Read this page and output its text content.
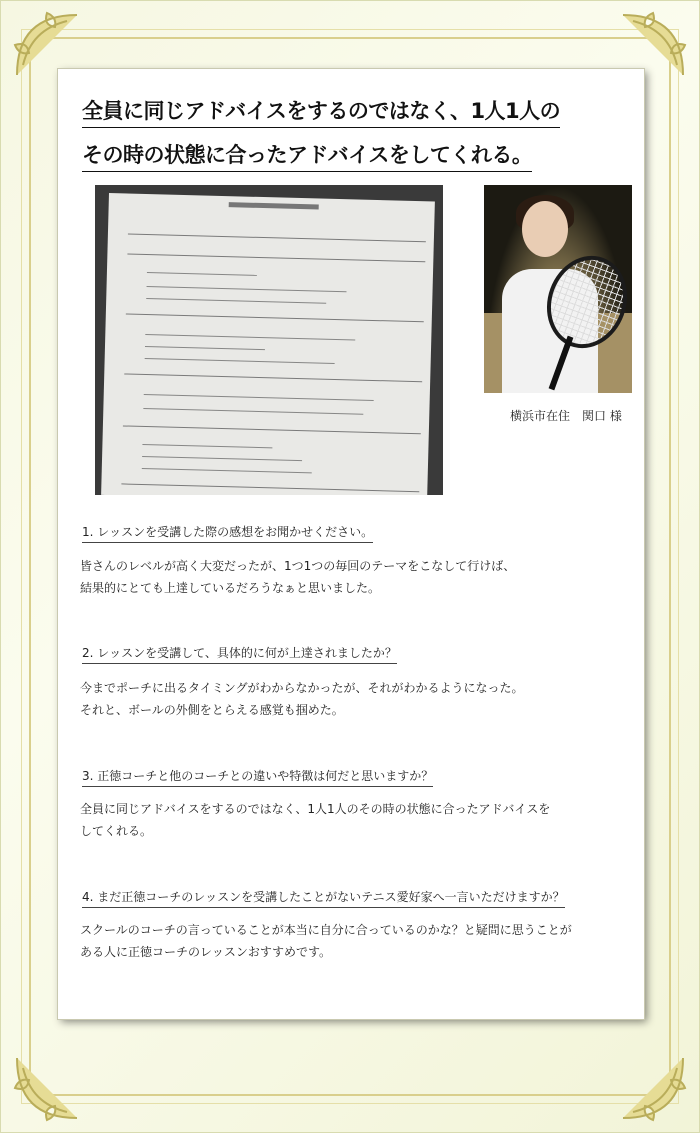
全員に同じアドバイスをするのではなく、1人1人の
その時の状態に合ったアドバイスをしてくれる。
横浜市在住　関口 様
1. レッスンを受講した際の感想をお聞かせください。
皆さんのレベルが高く大変だったが、1つ1つの毎回のテーマをこなして行けば、
結果的にとても上達しているだろうなぁと思いました。
2. レッスンを受講して、具体的に何が上達されましたか？
今までポーチに出るタイミングがわからなかったが、それがわかるようになった。
それと、ボールの外側をとらえる感覚も掴めた。
3. 正徳コーチと他のコーチとの違いや特徴は何だと思いますか？
全員に同じアドバイスをするのではなく、1人1人のその時の状態に合ったアドバイスを
してくれる。
4. まだ正徳コーチのレッスンを受講したことがないテニス愛好家へ一言いただけますか？
スクールのコーチの言っていることが本当に自分に合っているのかな？と疑問に思うことが
ある人に正徳コーチのレッスンおすすめです。
